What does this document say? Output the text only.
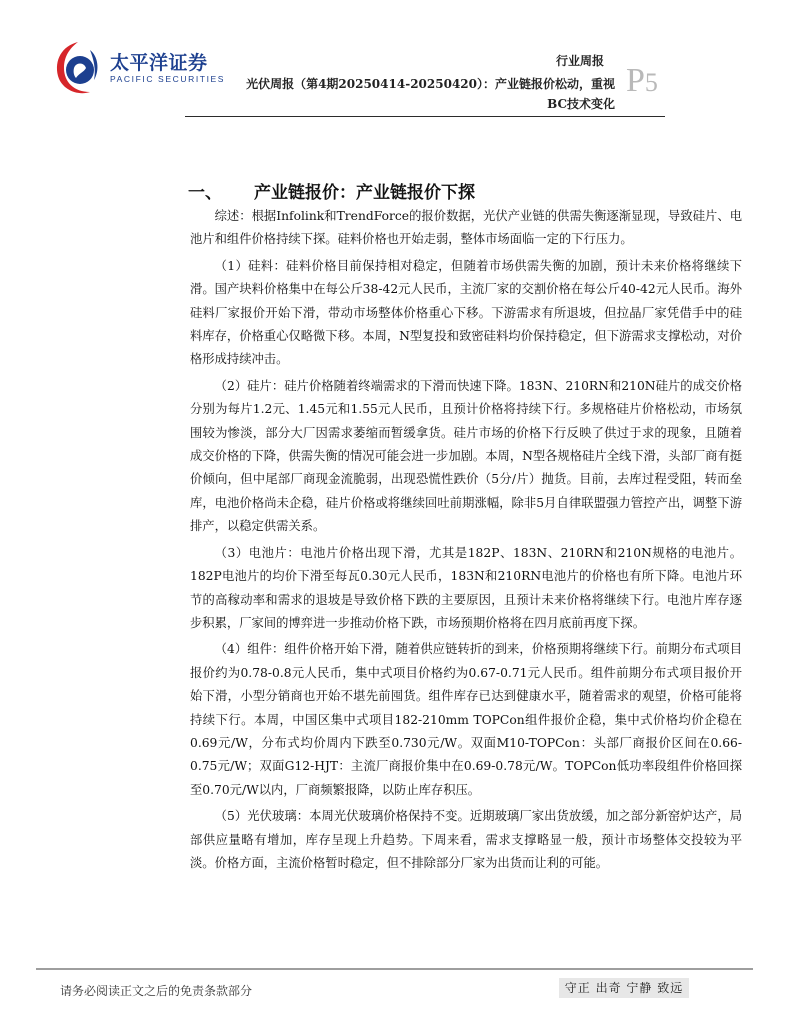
太平洋证券
PACIFIC SECURITIES
行业周报
光伏周报（第4期20250414-20250420）：产业链报价松动，重视BC技术变化
P5
一、 产业链报价：产业链报价下探

综述：根据Infolink和TrendForce的报价数据，光伏产业链的供需失衡逐渐显现，导致硅片、电池片和组件价格持续下探。硅料价格也开始走弱，整体市场面临一定的下行压力。

（1）硅料：硅料价格目前保持相对稳定，但随着市场供需失衡的加剧，预计未来价格将继续下滑。国产块料价格集中在每公斤38-42元人民币，主流厂家的交割价格在每公斤40-42元人民币。海外硅料厂家报价开始下滑，带动市场整体价格重心下移。下游需求有所退坡，但拉晶厂家凭借手中的硅料库存，价格重心仅略微下移。本周，N型复投和致密硅料均价保持稳定，但下游需求支撑松动，对价格形成持续冲击。

（2）硅片：硅片价格随着终端需求的下滑而快速下降。183N、210RN和210N硅片的成交价格分别为每片1.2元、1.45元和1.55元人民币，且预计价格将持续下行。多规格硅片价格松动，市场氛围较为惨淡，部分大厂因需求萎缩而暂缓拿货。硅片市场的价格下行反映了供过于求的现象，且随着成交价格的下降，供需失衡的情况可能会进一步加剧。本周，N型各规格硅片全线下滑，头部厂商有挺价倾向，但中尾部厂商现金流脆弱，出现恐慌性跌价（5分/片）抛货。目前，去库过程受阻，转而垒库，电池价格尚未企稳，硅片价格或将继续回吐前期涨幅，除非5月自律联盟强力管控产出，调整下游排产，以稳定供需关系。

（3）电池片：电池片价格出现下滑，尤其是182P、183N、210RN和210N规格的电池片。182P电池片的均价下滑至每瓦0.30元人民币，183N和210RN电池片的价格也有所下降。电池片环节的高稼动率和需求的退坡是导致价格下跌的主要原因，且预计未来价格将继续下行。电池片库存逐步积累，厂家间的博弈进一步推动价格下跌，市场预期价格将在四月底前再度下探。

（4）组件：组件价格开始下滑，随着供应链转折的到来，价格预期将继续下行。前期分布式项目报价约为0.78-0.8元人民币，集中式项目价格约为0.67-0.71元人民币。组件前期分布式项目报价开始下滑，小型分销商也开始不堪先前囤货。组件库存已达到健康水平，随着需求的观望，价格可能将持续下行。本周，中国区集中式项目182-210mm TOPCon组件报价企稳，集中式价格均价企稳在0.69元/W，分布式均价周内下跌至0.730元/W。双面M10-TOPCon：头部厂商报价区间在0.66-0.75元/W；双面G12-HJT：主流厂商报价集中在0.69-0.78元/W。TOPCon低功率段组件价格回探至0.70元/W以内，厂商频繁报降，以防止库存积压。

（5）光伏玻璃：本周光伏玻璃价格保持不变。近期玻璃厂家出货放缓，加之部分新窑炉达产，局部供应量略有增加，库存呈现上升趋势。下周来看，需求支撑略显一般，预计市场整体交投较为平淡。价格方面，主流价格暂时稳定，但不排除部分厂家为出货而让利的可能。

请务必阅读正文之后的免责条款部分	守正 出奇 宁静 致远
